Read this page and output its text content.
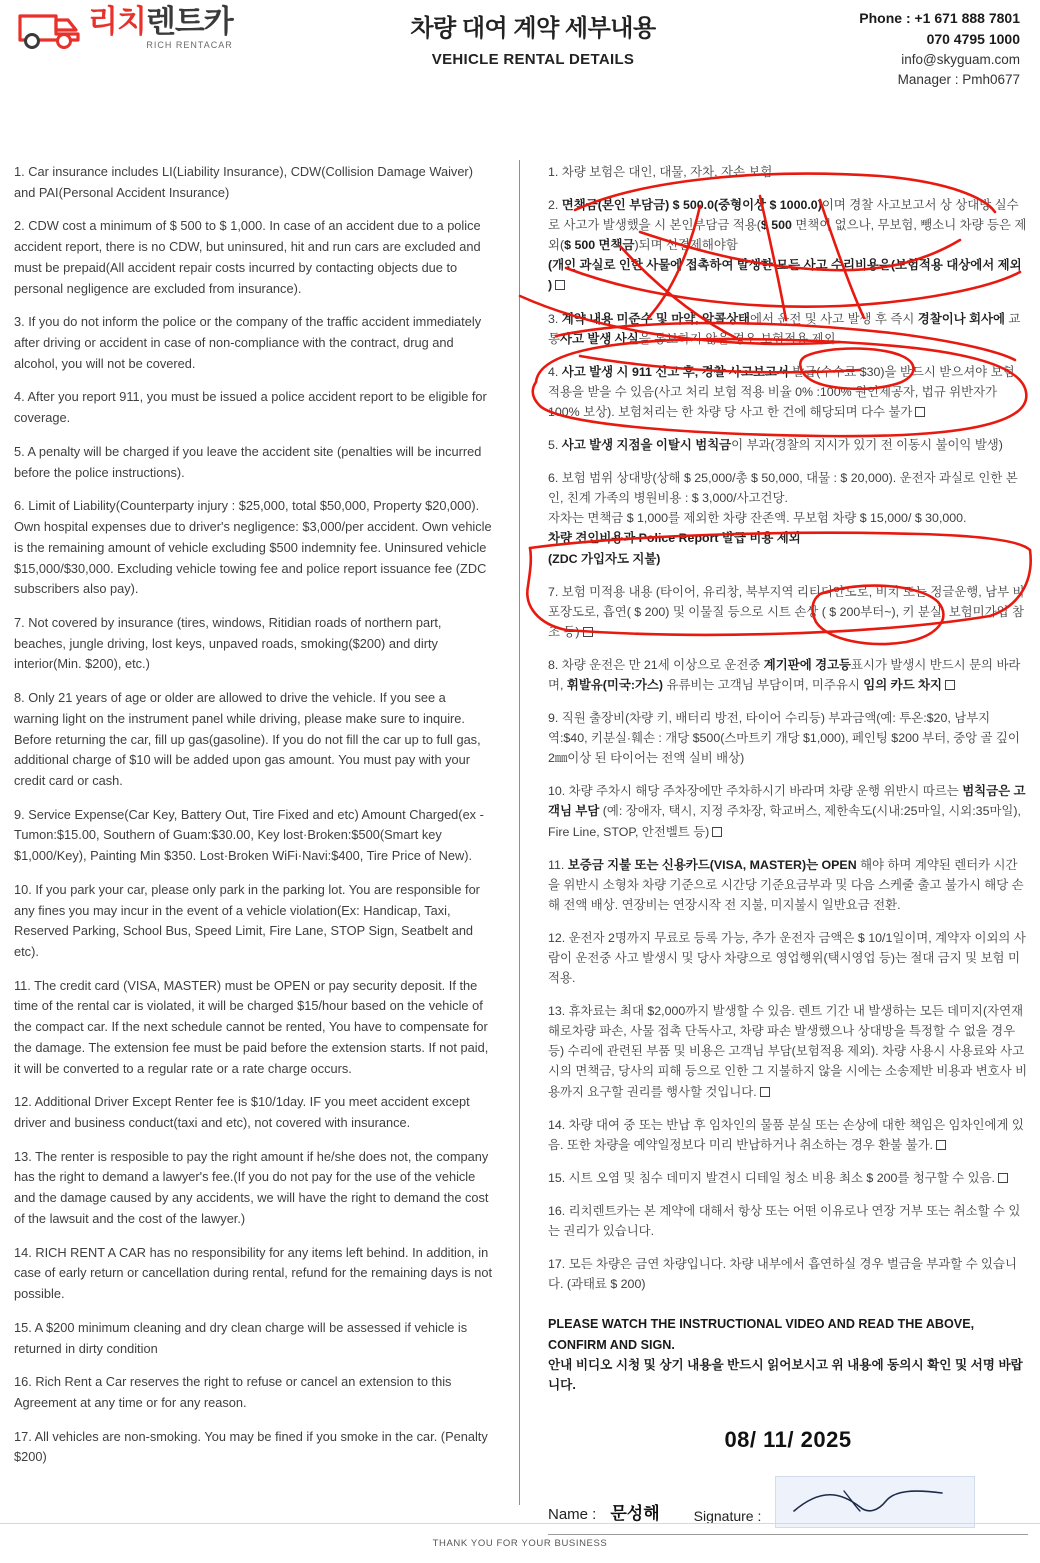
리치렌트카
RICH RENTACAR
차량 대여 계약 세부내용
VEHICLE RENTAL DETAILS
Phone : +1 671 888 7801
070 4795 1000
info@skyguam.com
Manager : Pmh0677

1. Car insurance includes LI(Liability Insurance), CDW(Collision Damage Waiver) and PAI(Personal Accident Insurance)

2. CDW cost a minimum of $ 500 to $ 1,000. In case of an accident due to a police accident report, there is no CDW, but uninsured, hit and run cars are excluded and must be prepaid(All accident repair costs incurred by contacting objects due to personal negligence are excluded from insurance).

3. If you do not inform the police or the company of the traffic accident immediately after driving or accident in case of non-compliance with the contract, drug and alcohol, you will not be covered.

4. After you report 911, you must be issued a police accident report to be eligible for coverage.

5. A penalty will be charged if you leave the accident site (penalties will be incurred before the police instructions).

6. Limit of Liability(Counterparty injury : $25,000, total $50,000, Property $20,000). Own hospital expenses due to driver's negligence: $3,000/per accident. Own vehicle is the remaining amount of vehicle excluding $500 indemnity fee. Uninsured vehicle $15,000/$30,000. Excluding vehicle towing fee and police report issuance fee (ZDC subscribers also pay).

7. Not covered by insurance (tires, windows, Ritidian roads of northern part, beaches, jungle driving, lost keys, unpaved roads, smoking($200) and dirty interior(Min. $200), etc.)

8. Only 21 years of age or older are allowed to drive the vehicle. If you see a warning light on the instrument panel while driving, please make sure to inquire. Before returning the car, fill up gas(gasoline). If you do not fill the car up to full gas, additional charge of $10 will be added upon gas amount. You must pay with your credit card or cash.

9. Service Expense(Car Key, Battery Out, Tire Fixed and etc) Amount Charged(ex - Tumon:$15.00, Southern of Guam:$30.00, Key lost·Broken:$500(Smart key $1,000/Key), Painting Min $350. Lost·Broken WiFi·Navi:$400, Tire Price of New).

10. If you park your car, please only park in the parking lot. You are responsible for any fines you may incur in the event of a vehicle violation(Ex: Handicap, Taxi, Reserved Parking, School Bus, Speed Limit, Fire Lane, STOP Sign, Seatbelt and etc).

11. The credit card (VISA, MASTER) must be OPEN or pay security deposit. If the time of the rental car is violated, it will be charged $15/hour based on the vehicle of the compact car. If the next schedule cannot be rented, You have to compensate for the damage. The extension fee must be paid before the extension starts. If not paid, it will be converted to a regular rate or a rate charge occurs.

12. Additional Driver Except Renter fee is $10/1day. IF you meet accident except driver and business conduct(taxi and etc), not covered with insurance.

13. The renter is resposible to pay the right amount if he/she does not, the company has the right to demand a lawyer's fee.(If you do not pay for the use of the vehicle and the damage caused by any accidents, we will have the right to demand the cost of the lawsuit and the cost of the lawyer.)

14. RICH RENT A CAR has no responsibility for any items left behind. In addition, in case of early return or cancellation during rental, refund for the remaining days is not possible.

15. A $200 minimum cleaning and dry clean charge will be assessed if vehicle is returned in dirty condition

16. Rich Rent a Car reserves the right to refuse or cancel an extension to this Agreement at any time or for any reason.

17. All vehicles are non-smoking. You may be fined if you smoke in the car. (Penalty $200)

1. 차량 보험은 대인, 대물, 자차, 자손 보험

2. 면책금(본인 부담금) $ 500.0(중형이상 $ 1000.0)이며 경찰 사고보고서 상 상대방 실수로 사고가 발생했을 시 본인부담금 적용($ 500 면책이 없으나, 무보험, 뺑소니 차량 등은 제외($ 500 면책금)되며 선결제해야함
(개인 과실로 인한 사물에 접촉하여 발생한 모든 사고 수리비용은(보험적용 대상에서 제외 )

3. 계약 내용 미준수 및 마약, 알콜상태에서 운전 및 사고 발생 후 즉시 경찰이나 회사에 교통사고 발생 사실을 통보하지 않을 경우 보험적용 제외

4. 사고 발생 시 911 신고 후, 경찰 사고보고서 발급(수수료 $30)을 받드시 받으셔야 보험 적용을 받을 수 있음(사고 처리 보험 적용 비율 0% :100% 원인제공자, 법규 위반자가 100% 보상). 보험처리는 한 차량 당 사고 한 건에 해당되며 다수 불가

5. 사고 발생 지점을 이탈시 범칙금이 부과(경찰의 지시가 있기 전 이동시 불이익 발생)

6. 보험 범위 상대방(상해 $ 25,000/총 $ 50,000, 대물 : $ 20,000). 운전자 과실로 인한 본인, 친계 가족의 병원비용 : $ 3,000/사고건당.
자차는 면책금 $ 1,000를 제외한 차량 잔존액. 무보험 차량 $ 15,000/ $ 30,000.
차량 견인비용과 Police Report 발급 비용 제외
(ZDC 가입자도 지불)

7. 보험 미적용 내용 (타이어, 유리창, 북부지역 리티디안도로, 비치 또는 정글운행, 남부 비포장도로, 흡연( $ 200) 및 이물질 등으로 시트 손상 ( $ 200부터~), 키 분실, 보험미가입 참조 등)

8. 차량 운전은 만 21세 이상으로 운전중 계기판에 경고등표시가 발생시 반드시 문의 바라며, 휘발유(미국:가스) 유류비는 고객님 부담이며, 미주유시 임의 카드 차지

9. 직원 출장비(차량 키, 배터리 방전, 타이어 수리등) 부과금액(예: 투온:$20, 남부지역:$40, 키분실·훼손 : 개당 $500(스마트키 개당 $1,000), 페인팅 $200 부터, 중앙 골 깊이 2㎜이상 된 타이어는 전액 실비 배상)

10. 차량 주차시 해당 주차장에만 주차하시기 바라며 차량 운행 위반시 따르는 범칙금은 고객님 부담 (예: 장애자, 택시, 지정 주차장, 학교버스, 제한속도(시내:25마일, 시외:35마일), Fire Line, STOP, 안전벨트 등)

11. 보증금 지불 또는 신용카드(VISA, MASTER)는 OPEN 해야 하며 계약된 렌터카 시간을 위반시 소형차 차량 기준으로 시간당 기준요금부과 및 다음 스케줄 출고 불가시 해당 손해 전액 배상. 연장비는 연장시작 전 지불, 미지불시 일반요금 전환.

12. 운전자 2명까지 무료로 등록 가능, 추가 운전자 금액은 $ 10/1일이며, 계약자 이외의 사람이 운전중 사고 발생시 및 당사 차량으로 영업행위(택시영업 등)는 절대 금지 및 보험 미적용.

13. 휴차료는 최대 $2,000까지 발생할 수 있음. 렌트 기간 내 발생하는 모든 데미지(자연재해로차량 파손, 사물 접촉 단독사고, 차량 파손 발생했으나 상대방을 특정할 수 없을 경우 등) 수리에 관련된 부품 및 비용은 고객님 부담(보험적용 제외). 차량 사용시 사용료와 사고시의 면책금, 당사의 피해 등으로 인한 그 지불하지 않을 시에는 소송제반 비용과 변호사 비용까지 요구할 권리를 행사할 것입니다.

14. 차량 대여 중 또는 반납 후 임차인의 물품 분실 또는 손상에 대한 책임은 임차인에게 있음. 또한 차량을 예약일정보다 미리 반납하거나 취소하는 경우 환불 불가.

15. 시트 오염 및 침수 데미지 발견시 디테일 청소 비용 최소 $ 200를 청구할 수 있음.

16. 리치렌트카는 본 계약에 대해서 항상 또는 어떤 이유로나 연장 거부 또는 취소할 수 있는 권리가 있습니다.

17. 모든 차량은 금연 차량입니다. 차량 내부에서 흡연하실 경우 벌금을 부과할 수 있습니다. (과태료 $ 200)

PLEASE WATCH THE INSTRUCTIONAL VIDEO AND READ THE ABOVE,
CONFIRM AND SIGN.
안내 비디오 시청 및 상기 내용을 반드시 읽어보시고 위 내용에 동의시 확인 및 서명 바랍니다.
08/ 11/ 2025
Name : 문성해 Signature :
THANK YOU FOR YOUR BUSINESS
